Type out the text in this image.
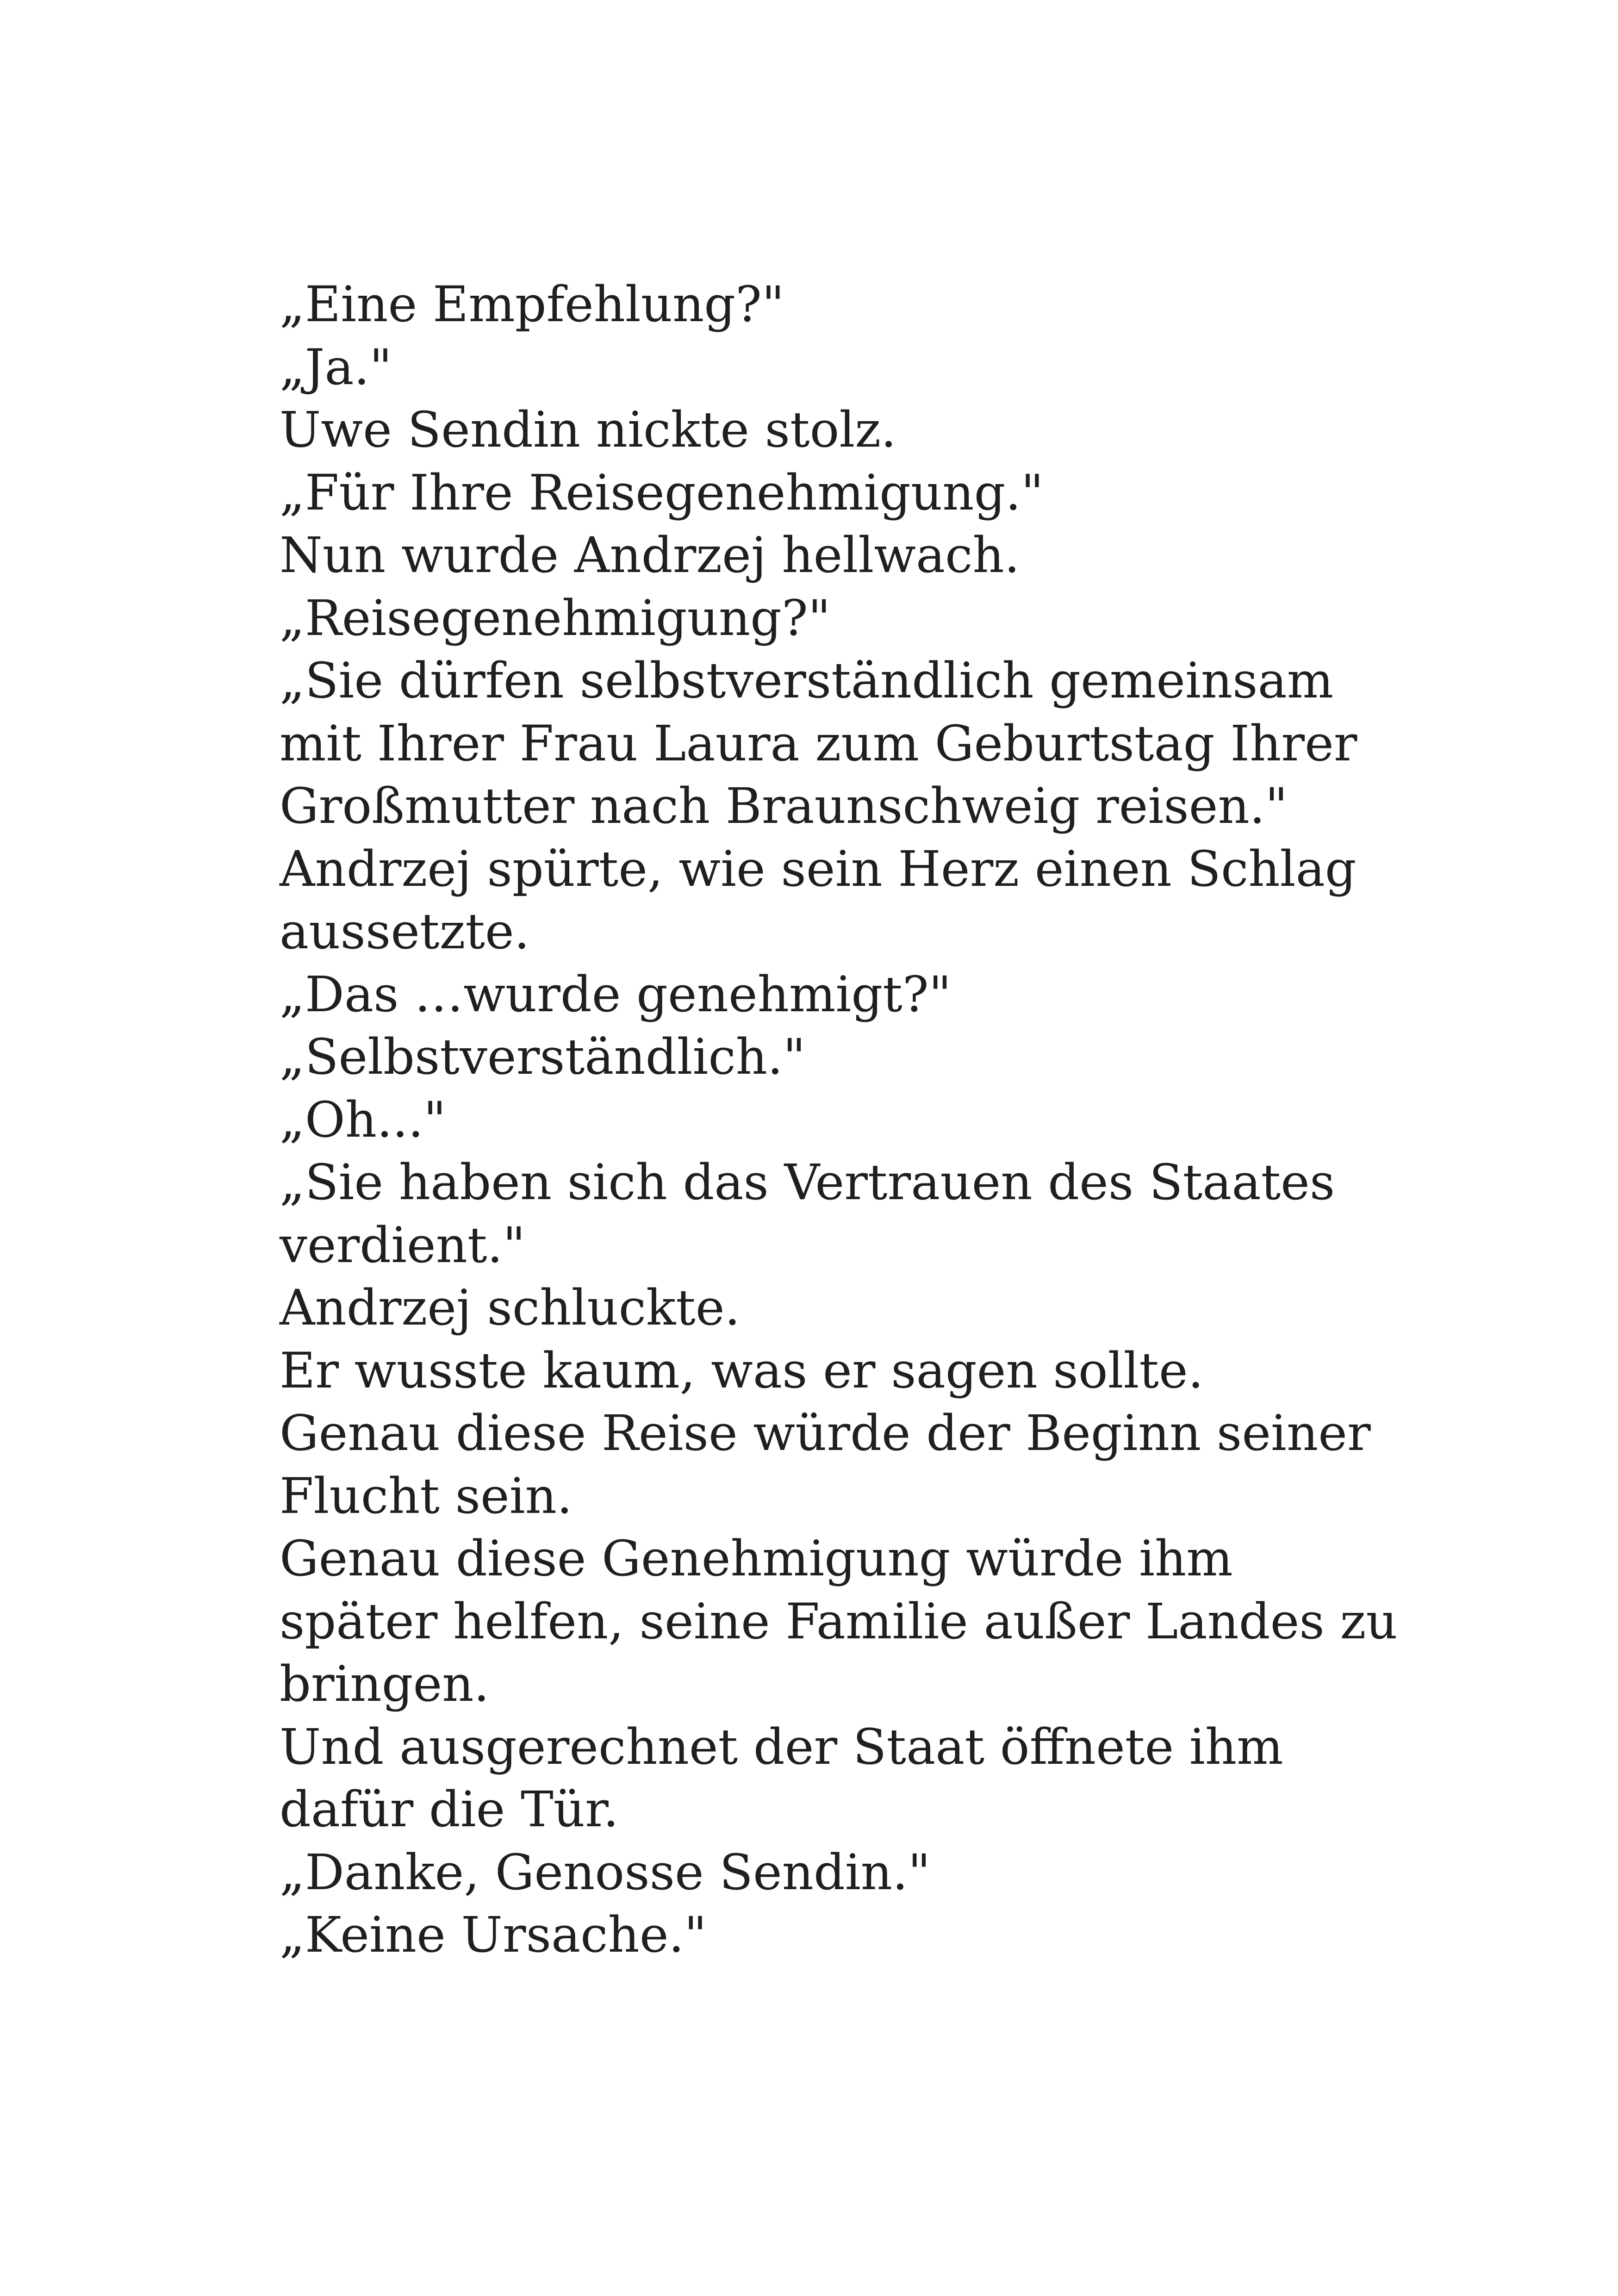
„Eine Empfehlung?"

„Ja."

Uwe Sendin nickte stolz.

„Für Ihre Reisegenehmigung."

Nun wurde Andrzej hellwach.

„Reisegenehmigung?"

„Sie dürfen selbstverständlich gemeinsam

mit Ihrer Frau Laura zum Geburtstag Ihrer

Großmutter nach Braunschweig reisen."

Andrzej spürte, wie sein Herz einen Schlag

aussetzte.

„Das …wurde genehmigt?"

„Selbstverständlich."

„Oh..."

„Sie haben sich das Vertrauen des Staates

verdient."

Andrzej schluckte.

Er wusste kaum, was er sagen sollte.

Genau diese Reise würde der Beginn seiner

Flucht sein.

Genau diese Genehmigung würde ihm

später helfen, seine Familie außer Landes zu

bringen.

Und ausgerechnet der Staat öffnete ihm

dafür die Tür.

„Danke, Genosse Sendin."

„Keine Ursache."
